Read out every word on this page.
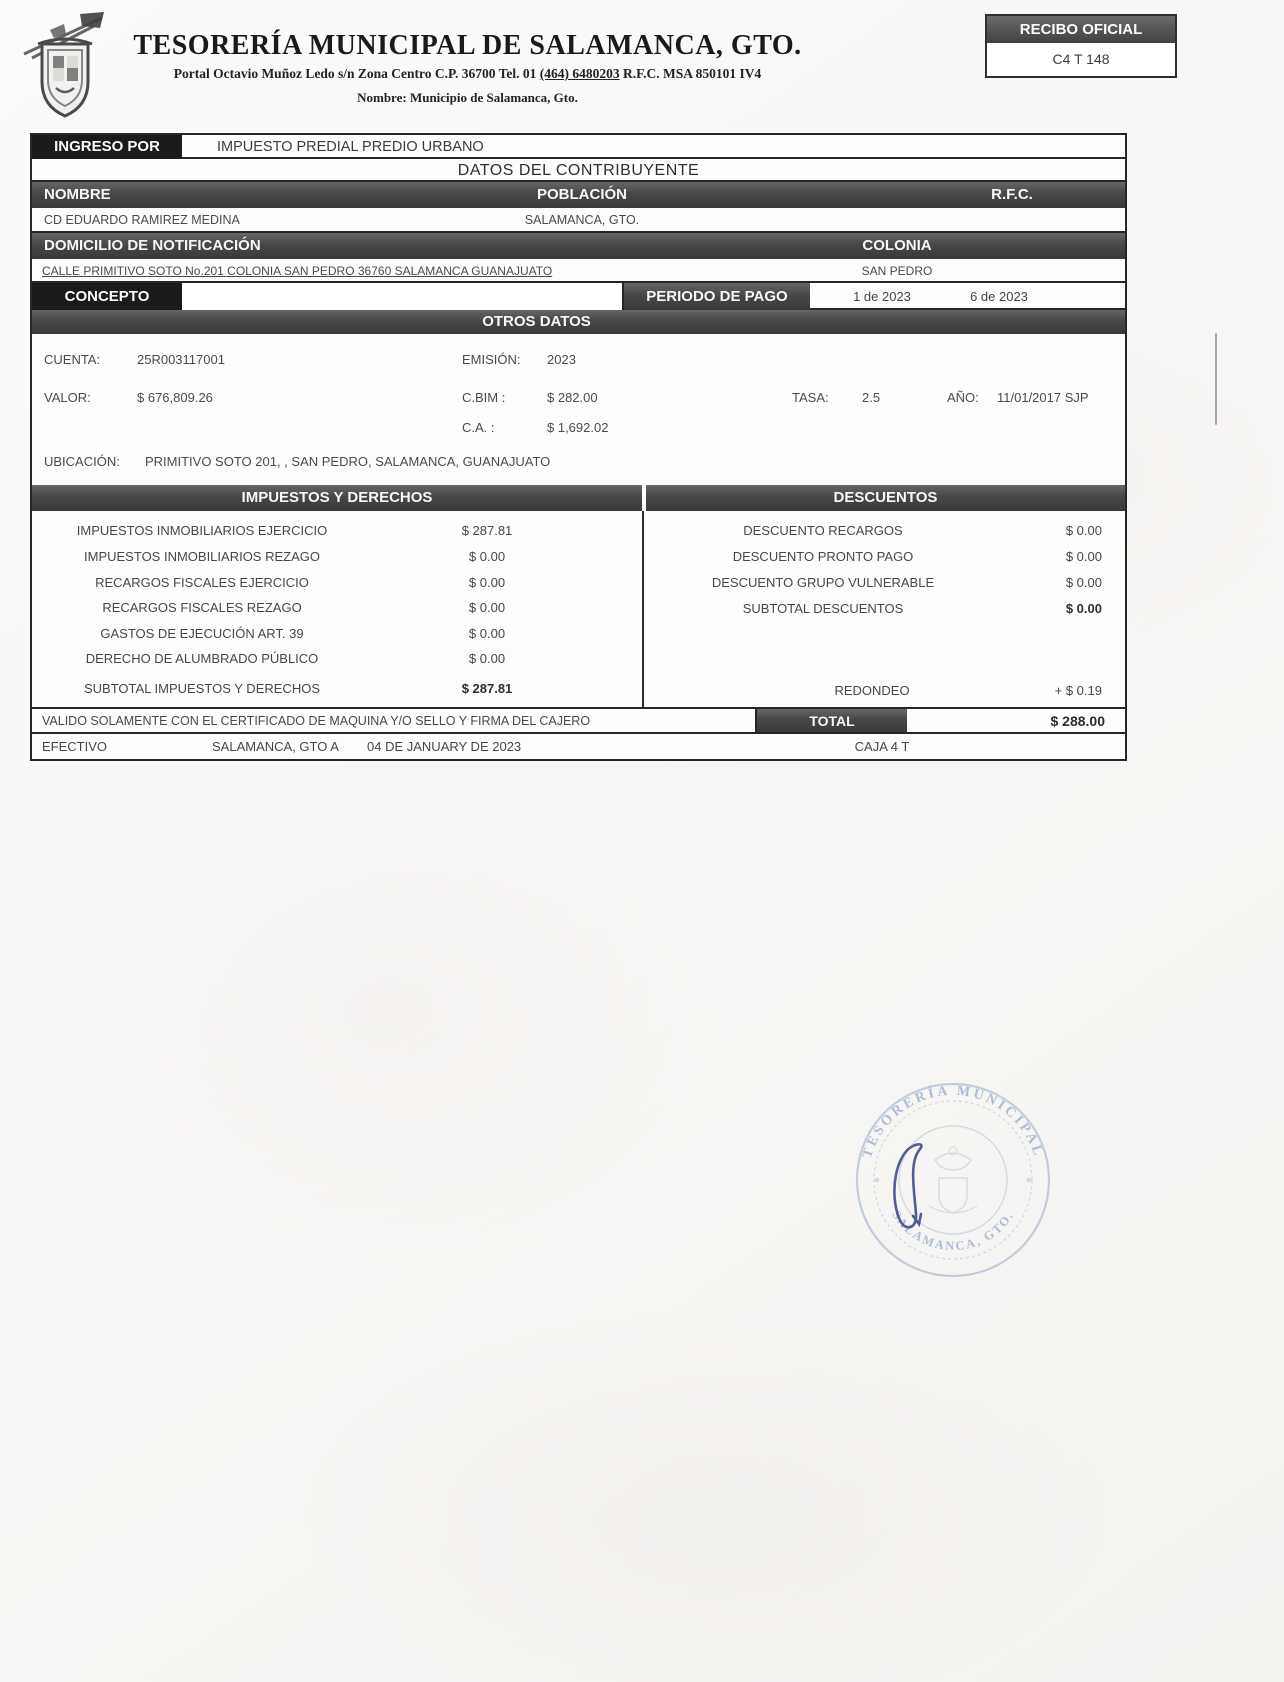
TESORERÍA MUNICIPAL DE SALAMANCA, GTO.
Portal Octavio Muñoz Ledo s/n Zona Centro C.P. 36700 Tel. 01 (464) 6480203 R.F.C. MSA 850101 IV4
Nombre: Municipio de Salamanca, Gto.
RECIBO OFICIAL
C4 T 148
INGRESO POR	IMPUESTO PREDIAL PREDIO URBANO
DATOS DEL CONTRIBUYENTE
NOMBRE	POBLACIÓN	R.F.C.
CD EDUARDO RAMIREZ MEDINA	SALAMANCA, GTO.
DOMICILIO DE NOTIFICACIÓN	COLONIA
CALLE PRIMITIVO SOTO No.201 COLONIA SAN PEDRO 36760 SALAMANCA GUANAJUATO	SAN PEDRO
CONCEPTO	PERIODO DE PAGO	1 de 2023	6 de 2023
OTROS DATOS
CUENTA:	25R003117001	EMISIÓN: 2023
VALOR:	$ 676,809.26	C.BIM :	$ 282.00	TASA:	2.5	AÑO: 11/01/2017 SJP
C.A. :	$ 1,692.02
UBICACIÓN: PRIMITIVO SOTO 201, , SAN PEDRO, SALAMANCA, GUANAJUATO
IMPUESTOS Y DERECHOS	DESCUENTOS
IMPUESTOS INMOBILIARIOS EJERCICIO	$ 287.81
IMPUESTOS INMOBILIARIOS REZAGO	$ 0.00
RECARGOS FISCALES EJERCICIO	$ 0.00
RECARGOS FISCALES REZAGO	$ 0.00
GASTOS DE EJECUCIÓN ART. 39	$ 0.00
DERECHO DE ALUMBRADO PÚBLICO	$ 0.00
SUBTOTAL IMPUESTOS Y DERECHOS	$ 287.81
DESCUENTO RECARGOS	$ 0.00
DESCUENTO PRONTO PAGO	$ 0.00
DESCUENTO GRUPO VULNERABLE	$ 0.00
SUBTOTAL DESCUENTOS	$ 0.00
REDONDEO	+ $ 0.19
VALIDO SOLAMENTE CON EL CERTIFICADO DE MAQUINA Y/O SELLO Y FIRMA DEL CAJERO	TOTAL	$ 288.00
EFECTIVO	SALAMANCA, GTO A 04 DE JANUARY DE 2023	CAJA 4 T
TESORERÍA MUNICIPAL
SALAMANCA, GTO.
